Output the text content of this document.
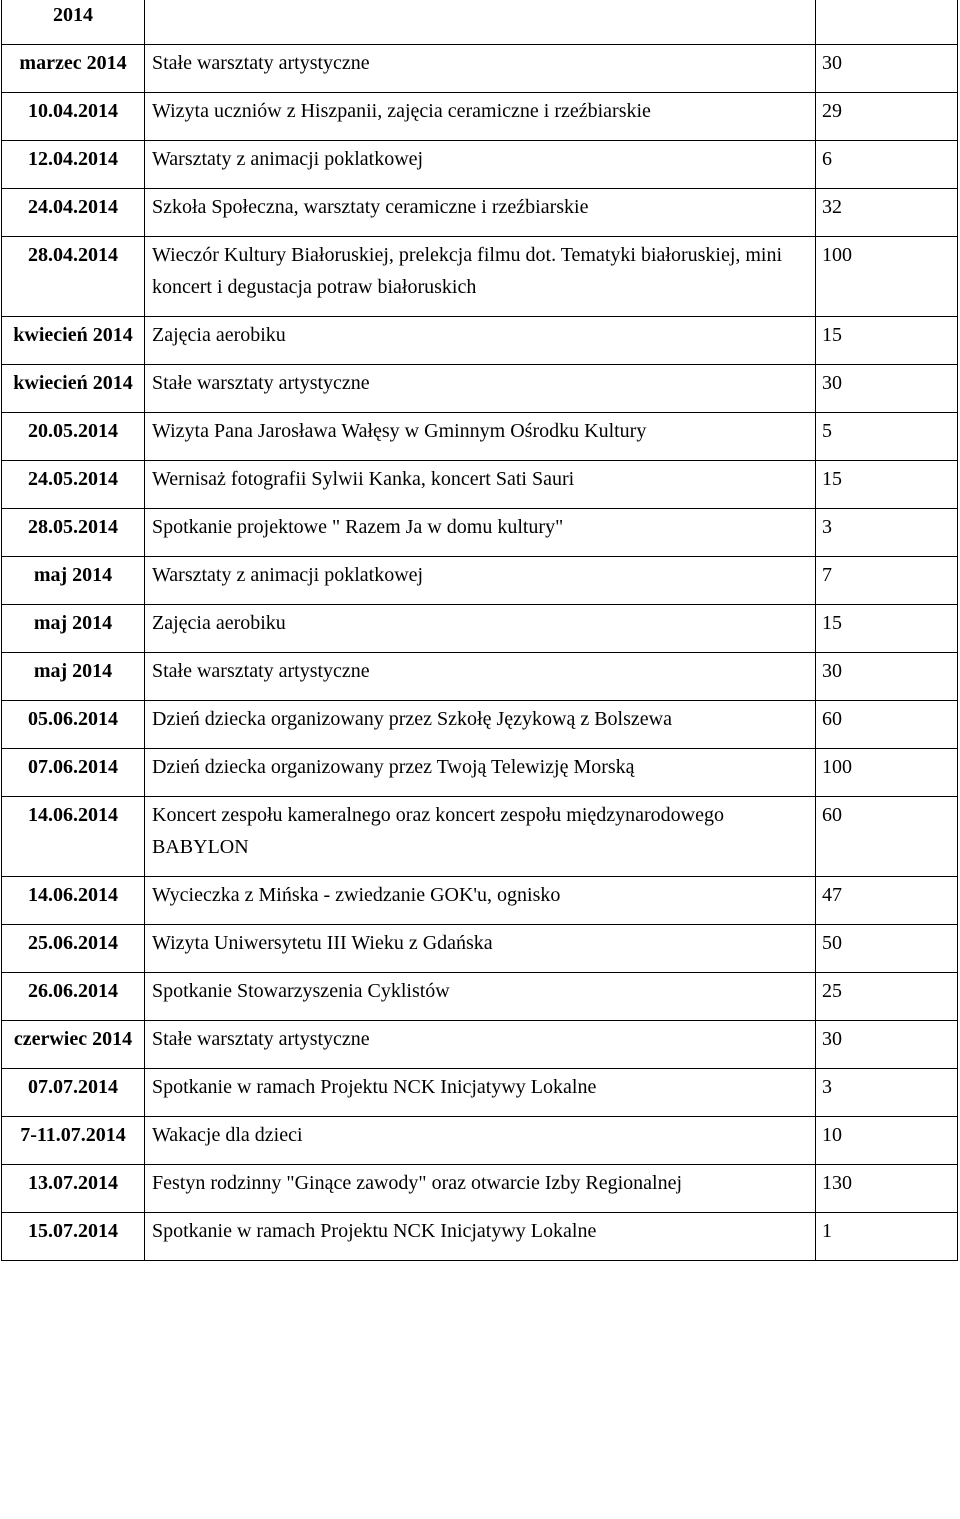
2014		
marzec 2014	Stałe warsztaty artystyczne	30
10.04.2014	Wizyta uczniów z Hiszpanii, zajęcia ceramiczne i rzeźbiarskie	29
12.04.2014	Warsztaty z animacji poklatkowej	6
24.04.2014	Szkoła Społeczna, warsztaty ceramiczne i rzeźbiarskie	32
28.04.2014	Wieczór Kultury Białoruskiej, prelekcja filmu dot. Tematyki białoruskiej, mini koncert i degustacja potraw białoruskich	100
kwiecień 2014	Zajęcia aerobiku	15
kwiecień 2014	Stałe warsztaty artystyczne	30
20.05.2014	Wizyta Pana Jarosława Wałęsy w Gminnym Ośrodku Kultury	5
24.05.2014	Wernisaż fotografii Sylwii Kanka, koncert Sati Sauri	15
28.05.2014	Spotkanie projektowe " Razem Ja w domu kultury"	3
maj 2014	Warsztaty z animacji poklatkowej	7
maj 2014	Zajęcia aerobiku	15
maj 2014	Stałe warsztaty artystyczne	30
05.06.2014	Dzień dziecka organizowany przez Szkołę Językową z Bolszewa	60
07.06.2014	Dzień dziecka organizowany przez Twoją Telewizję Morską	100
14.06.2014	Koncert zespołu kameralnego oraz koncert zespołu międzynarodowego BABYLON	60
14.06.2014	Wycieczka z Mińska - zwiedzanie GOK'u, ognisko	47
25.06.2014	Wizyta Uniwersytetu III Wieku z Gdańska	50
26.06.2014	Spotkanie Stowarzyszenia Cyklistów	25
czerwiec 2014	Stałe warsztaty artystyczne	30
07.07.2014	Spotkanie w ramach Projektu NCK Inicjatywy Lokalne	3
7-11.07.2014	Wakacje dla dzieci	10
13.07.2014	Festyn rodzinny "Ginące zawody" oraz otwarcie Izby Regionalnej	130
15.07.2014	Spotkanie w ramach Projektu NCK Inicjatywy Lokalne	1
